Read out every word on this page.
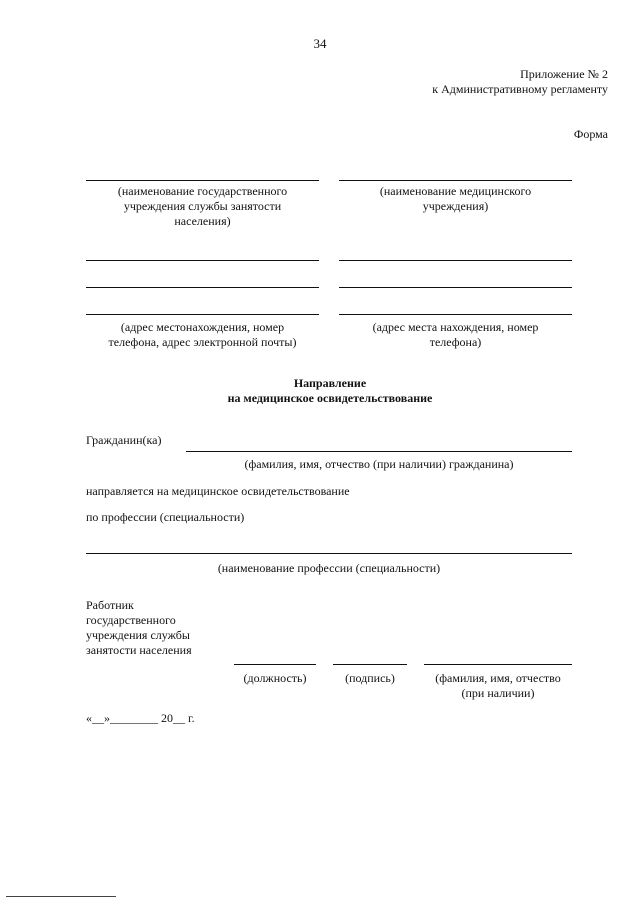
34
Приложение № 2
к Административному регламенту
Форма
(наименование государственного
учреждения службы занятости
населения)
(наименование медицинского
учреждения)
(адрес местонахождения, номер
телефона, адрес электронной почты)
(адрес места нахождения, номер
телефона)
Направление
на медицинское освидетельствование
Гражданин(ка)
(фамилия, имя, отчество (при наличии) гражданина)
направляется на медицинское освидетельствование
по профессии (специальности)
(наименование профессии (специальности)
Работник
государственного
учреждения службы
занятости населения
(должность)	(подпись)	(фамилия, имя, отчество
(при наличии)
«__»________ 20__ г.
